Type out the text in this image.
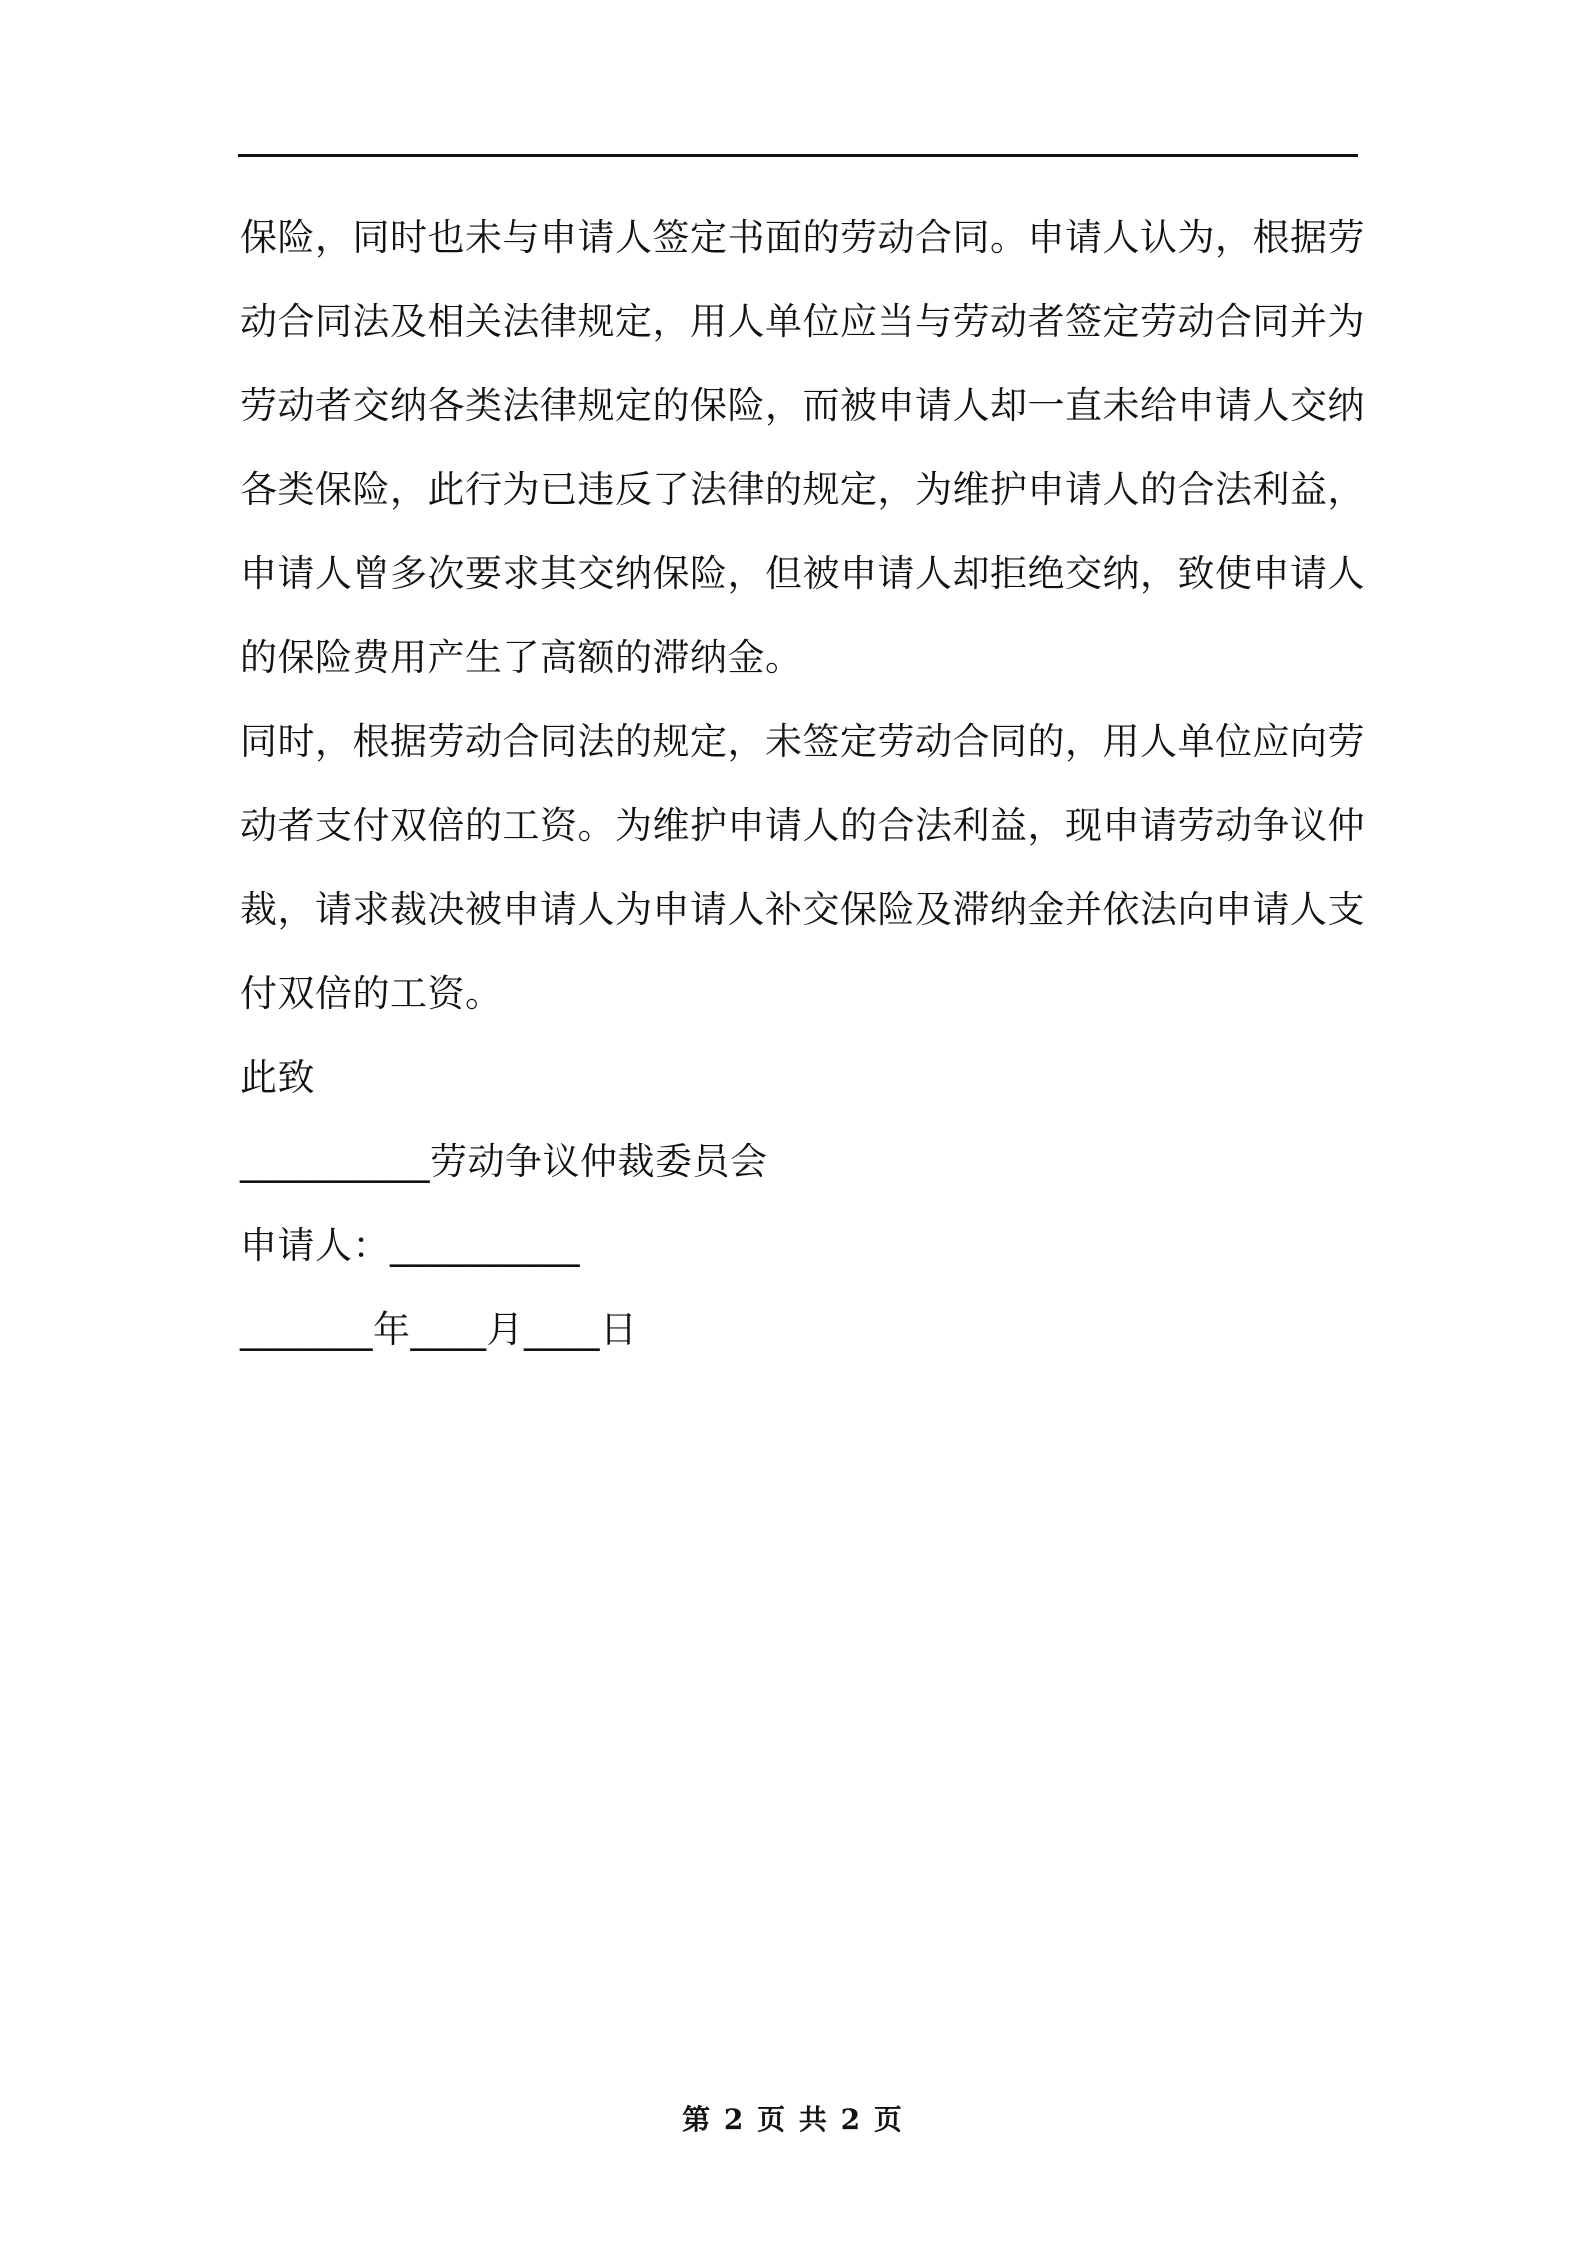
保险，同时也未与申请人签定书面的劳动合同。申请人认为，根据劳
动合同法及相关法律规定，用人单位应当与劳动者签定劳动合同并为
劳动者交纳各类法律规定的保险，而被申请人却一直未给申请人交纳
各类保险，此行为已违反了法律的规定，为维护申请人的合法利益，
申请人曾多次要求其交纳保险，但被申请人却拒绝交纳，致使申请人
的保险费用产生了高额的滞纳金。
同时，根据劳动合同法的规定，未签定劳动合同的，用人单位应向劳
动者支付双倍的工资。为维护申请人的合法利益，现申请劳动争议仲
裁，请求裁决被申请人为申请人补交保险及滞纳金并依法向申请人支
付双倍的工资。
此致
__________劳动争议仲裁委员会
申请人：__________
_______年____月____日
第 2 页 共 2 页
